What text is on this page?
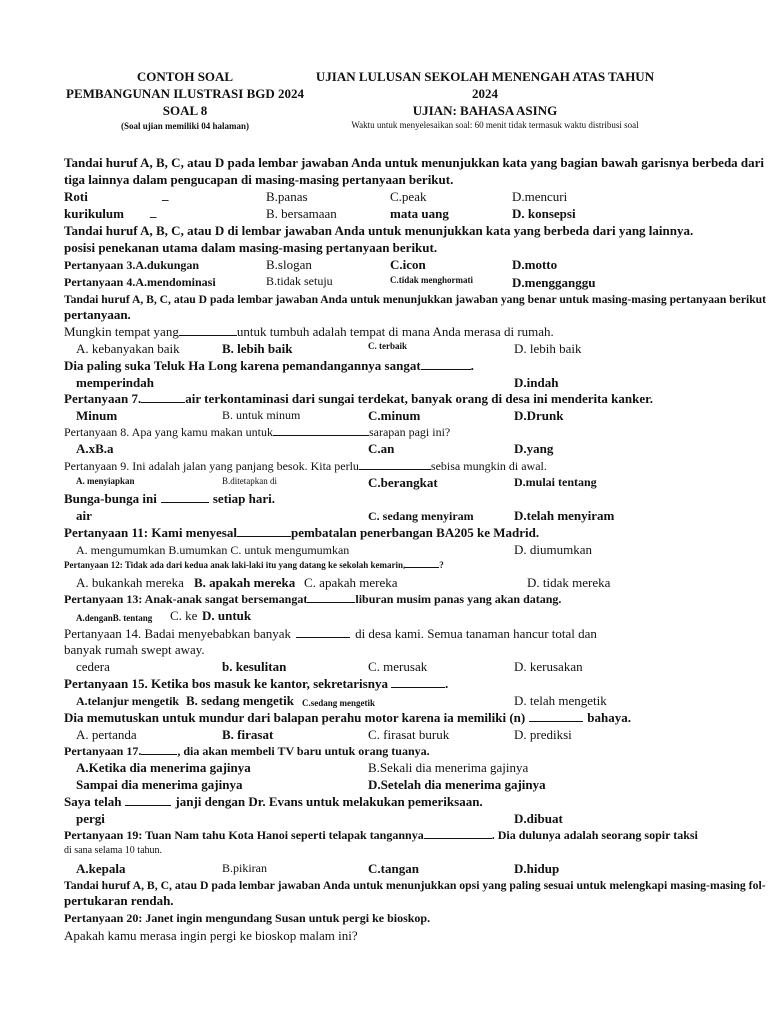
CONTOH SOAL
PEMBANGUNAN ILUSTRASI BGD 2024
SOAL 8
(Soal ujian memiliki 04 halaman)
UJIAN LULUSAN SEKOLAH MENENGAH ATAS TAHUN
2024
UJIAN: BAHASA ASING
Waktu untuk menyelesaikan soal: 60 menit tidak termasuk waktu distribusi soal
Tandai huruf A, B, C, atau D pada lembar jawaban Anda untuk menunjukkan kata yang bagian bawah garisnya berbeda dari
tiga lainnya dalam pengucapan di masing-masing pertanyaan berikut.
Roti	_	B.panas	C.peak	D.mencuri
kurikulum _	B. bersamaan	mata uang	D. konsepsi
Tandai huruf A, B, C, atau D di lembar jawaban Anda untuk menunjukkan kata yang berbeda dari yang lainnya.
posisi penekanan utama dalam masing-masing pertanyaan berikut.
Pertanyaan 3.A.dukungan	B.slogan	C.icon	D.motto
Pertanyaan 4.A.mendominasi	B.tidak setuju	C.tidak menghormati	D.mengganggu
Tandai huruf A, B, C, atau D pada lembar jawaban Anda untuk menunjukkan jawaban yang benar untuk masing-masing pertanyaan berikut
pertanyaan.
Mungkin tempat yang	untuk tumbuh adalah tempat di mana Anda merasa di rumah.
A. kebanyakan baik	B. lebih baik	C. terbaik	D. lebih baik
Dia paling suka Teluk Ha Long karena pemandangannya sangat	.
memperindah	D.indah
Pertanyaan 7.	air terkontaminasi dari sungai terdekat, banyak orang di desa ini menderita kanker.
Minum	B. untuk minum	C.minum	D.Drunk
Pertanyaan 8. Apa yang kamu makan untuk	sarapan pagi ini?
A.xB.a	C.an	D.yang
Pertanyaan 9. Ini adalah jalan yang panjang besok. Kita perlu	sebisa mungkin di awal.
A. menyiapkan	B.ditetapkan di	C.berangkat	D.mulai tentang
Bunga-bunga ini	setiap hari.
air	C. sedang menyiram	D.telah menyiram
Pertanyaan 11: Kami menyesal	pembatalan penerbangan BA205 ke Madrid.
A. mengumumkan B.umumkan C. untuk mengumumkan	D. diumumkan
Pertanyaan 12: Tidak ada dari kedua anak laki-laki itu yang datang ke sekolah kemarin,	?
A. bukankah mereka B. apakah mereka C. apakah mereka	D. tidak mereka
Pertanyaan 13: Anak-anak sangat bersemangat	liburan musim panas yang akan datang.
A.denganB. tentang C. ke D. untuk
Pertanyaan 14. Badai menyebabkan banyak	di desa kami. Semua tanaman hancur total dan
banyak rumah swept away.
cedera	b. kesulitan	C. merusak	D. kerusakan
Pertanyaan 15. Ketika bos masuk ke kantor, sekretarisnya	.
A.telanjur mengetik B. sedang mengetik C.sedang mengetik	D. telah mengetik
Dia memutuskan untuk mundur dari balapan perahu motor karena ia memiliki (n)	bahaya.
A. pertanda	B. firasat	C. firasat buruk	D. prediksi
Pertanyaan 17.	, dia akan membeli TV baru untuk orang tuanya.
A.Ketika dia menerima gajinya	B.Sekali dia menerima gajinya
Sampai dia menerima gajinya	D.Setelah dia menerima gajinya
Saya telah	janji dengan Dr. Evans untuk melakukan pemeriksaan.
pergi	D.dibuat
Pertanyaan 19: Tuan Nam tahu Kota Hanoi seperti telapak tangannya	. Dia dulunya adalah seorang sopir taksi
di sana selama 10 tahun.
A.kepala	B.pikiran	C.tangan	D.hidup
Tandai huruf A, B, C, atau D pada lembar jawaban Anda untuk menunjukkan opsi yang paling sesuai untuk melengkapi masing-masing fol-
pertukaran rendah.
Pertanyaan 20: Janet ingin mengundang Susan untuk pergi ke bioskop.
Apakah kamu merasa ingin pergi ke bioskop malam ini?
